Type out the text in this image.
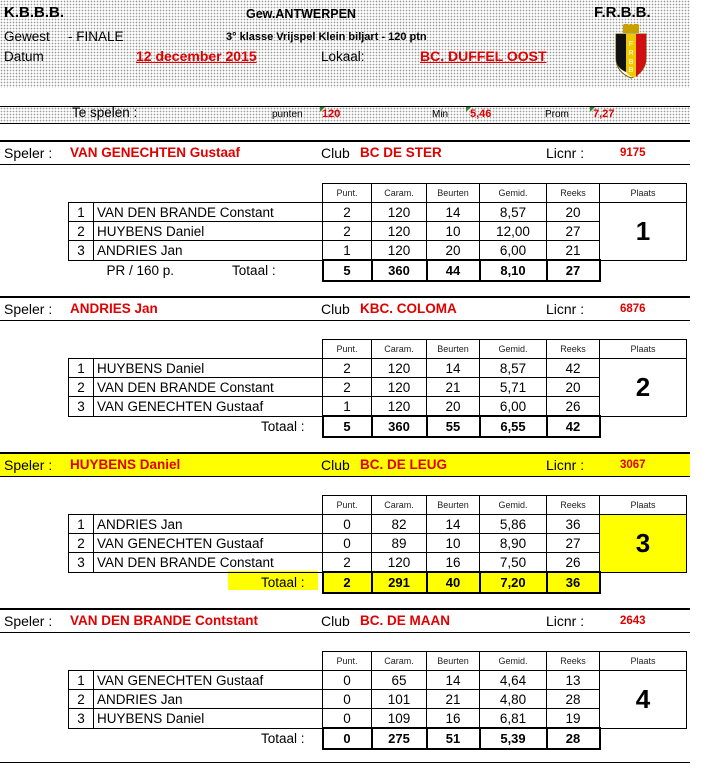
K.B.B.B.	Gew.ANTWERPEN	F.R.B.B.
Gewest - FINALE	3° klasse Vrijspel Klein biljart - 120 ptn
Datum	12 december 2015	Lokaal:	BC. DUFFEL OOST
F
R
B
B
Te spelen :	punten 120	Min 5,46	Prom 7,27
Speler : VAN GENECHTEN Gustaaf	Club BC DE STER	Licnr :	9175
		Punt.	Caram.	Beurten	Gemid.	Reeks	Plaats
1	VAN DEN BRANDE Constant	2	120	14	8,57	20	1
2	HUYBENS Daniel	2	120	10	12,00	27	
3	ANDRIES Jan	1	120	20	6,00	21	
	PR / 160 p. Totaal :	5	360	44	8,10	27	
Speler : ANDRIES Jan	Club KBC. COLOMA	Licnr :	6876
		Punt.	Caram.	Beurten	Gemid.	Reeks	Plaats
1	HUYBENS Daniel	2	120	14	8,57	42	2
2	VAN DEN BRANDE Constant	2	120	21	5,71	20	
3	VAN GENECHTEN Gustaaf	1	120	20	6,00	26	
	Totaal :	5	360	55	6,55	42	
Speler : HUYBENS Daniel	Club BC. DE LEUG	Licnr :	3067
		Punt.	Caram.	Beurten	Gemid.	Reeks	Plaats
1	ANDRIES Jan	0	82	14	5,86	36	3
2	VAN GENECHTEN Gustaaf	0	89	10	8,90	27	
3	VAN DEN BRANDE Constant	2	120	16	7,50	26	
	Totaal :	2	291	40	7,20	36	
Speler : VAN DEN BRANDE Contstant	Club BC. DE MAAN	Licnr :	2643
		Punt.	Caram.	Beurten	Gemid.	Reeks	Plaats
1	VAN GENECHTEN Gustaaf	0	65	14	4,64	13	4
2	ANDRIES Jan	0	101	21	4,80	28	
3	HUYBENS Daniel	0	109	16	6,81	19	
	Totaal :	0	275	51	5,39	28	
